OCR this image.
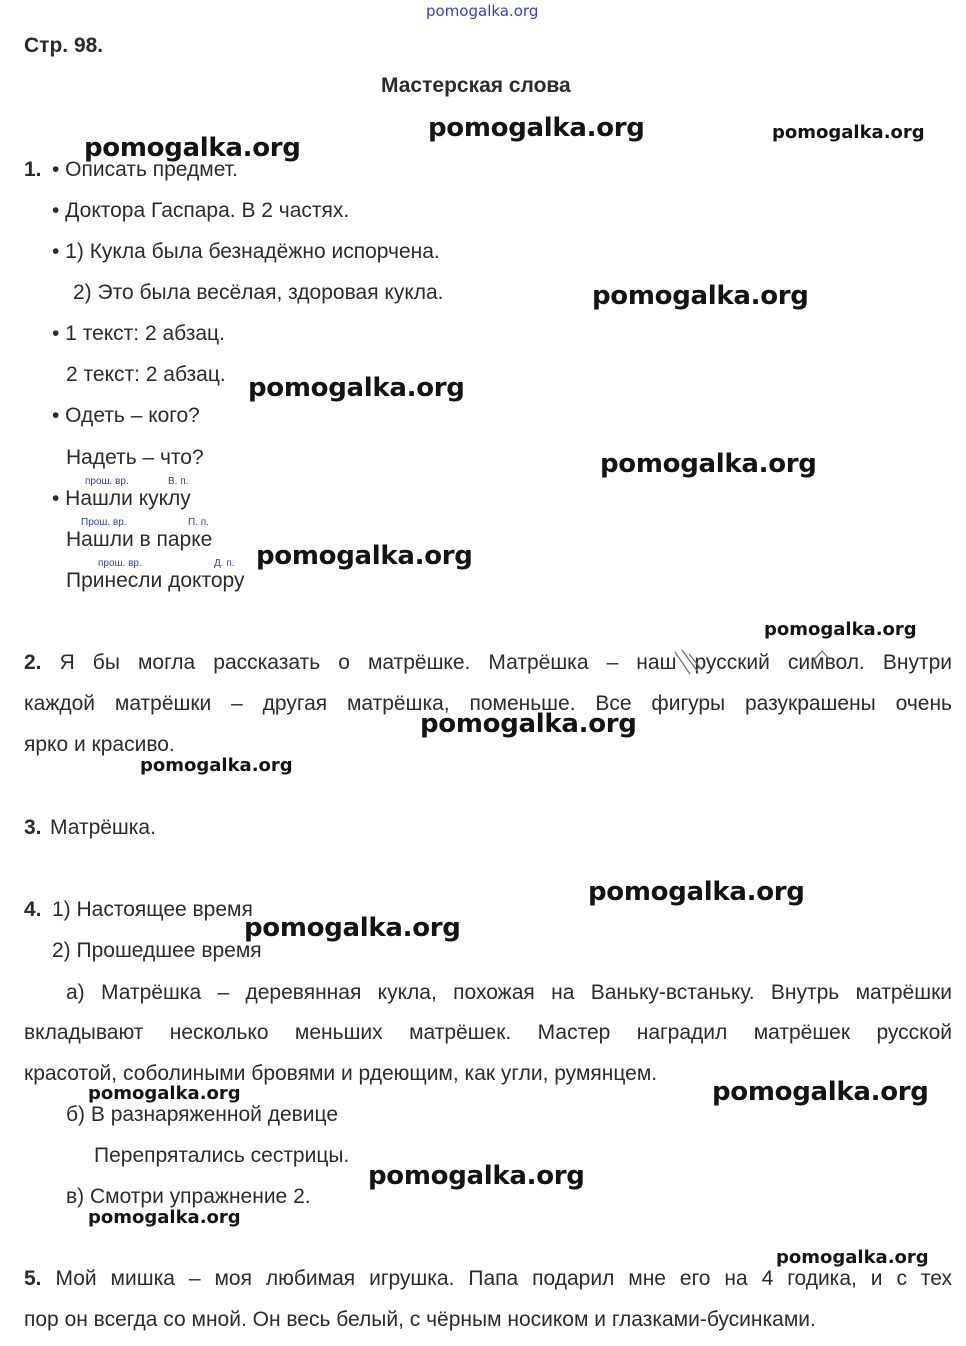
pomogalka.org
Стр. 98.
Мастерская слова
1. • Описать предмет.
• Доктора Гаспара. В 2 частях.
• 1) Кукла была безнадёжно испорчена.
2) Это была весёлая, здоровая кукла.
• 1 текст: 2 абзац.
2 текст: 2 абзац.
• Одеть – кого?
Надеть – что?
прош. вр.	В. п.
• Нашли куклу
Прош. вр.	П. п.
Нашли в парке
прош. вр.	Д. п.
Принесли доктору
2. Я бы могла рассказать о матрёшке. Матрёшка – наш русский символ. Внутри
каждой матрёшки – другая матрёшка, поменьше. Все фигуры разукрашены очень
ярко и красиво.
3. Матрёшка.
4. 1) Настоящее время
2) Прошедшее время
а) Матрёшка – деревянная кукла, похожая на Ваньку-встаньку. Внутрь матрёшки
вкладывают несколько меньших матрёшек. Мастер наградил матрёшек русской
красотой, соболиными бровями и рдеющим, как угли, румянцем.
б) В разнаряженной девице
Перепрятались сестрицы.
в) Смотри упражнение 2.
5. Мой мишка – моя любимая игрушка. Папа подарил мне его на 4 годика, и с тех
пор он всегда со мной. Он весь белый, с чёрным носиком и глазками-бусинками.
pomogalka.org	pomogalka.org
pomogalka.org
pomogalka.org
pomogalka.org
pomogalka.org
pomogalka.org
pomogalka.org
pomogalka.org
pomogalka.org
pomogalka.org
pomogalka.org
pomogalka.org	pomogalka.org
pomogalka.org
pomogalka.org
pomogalka.org
